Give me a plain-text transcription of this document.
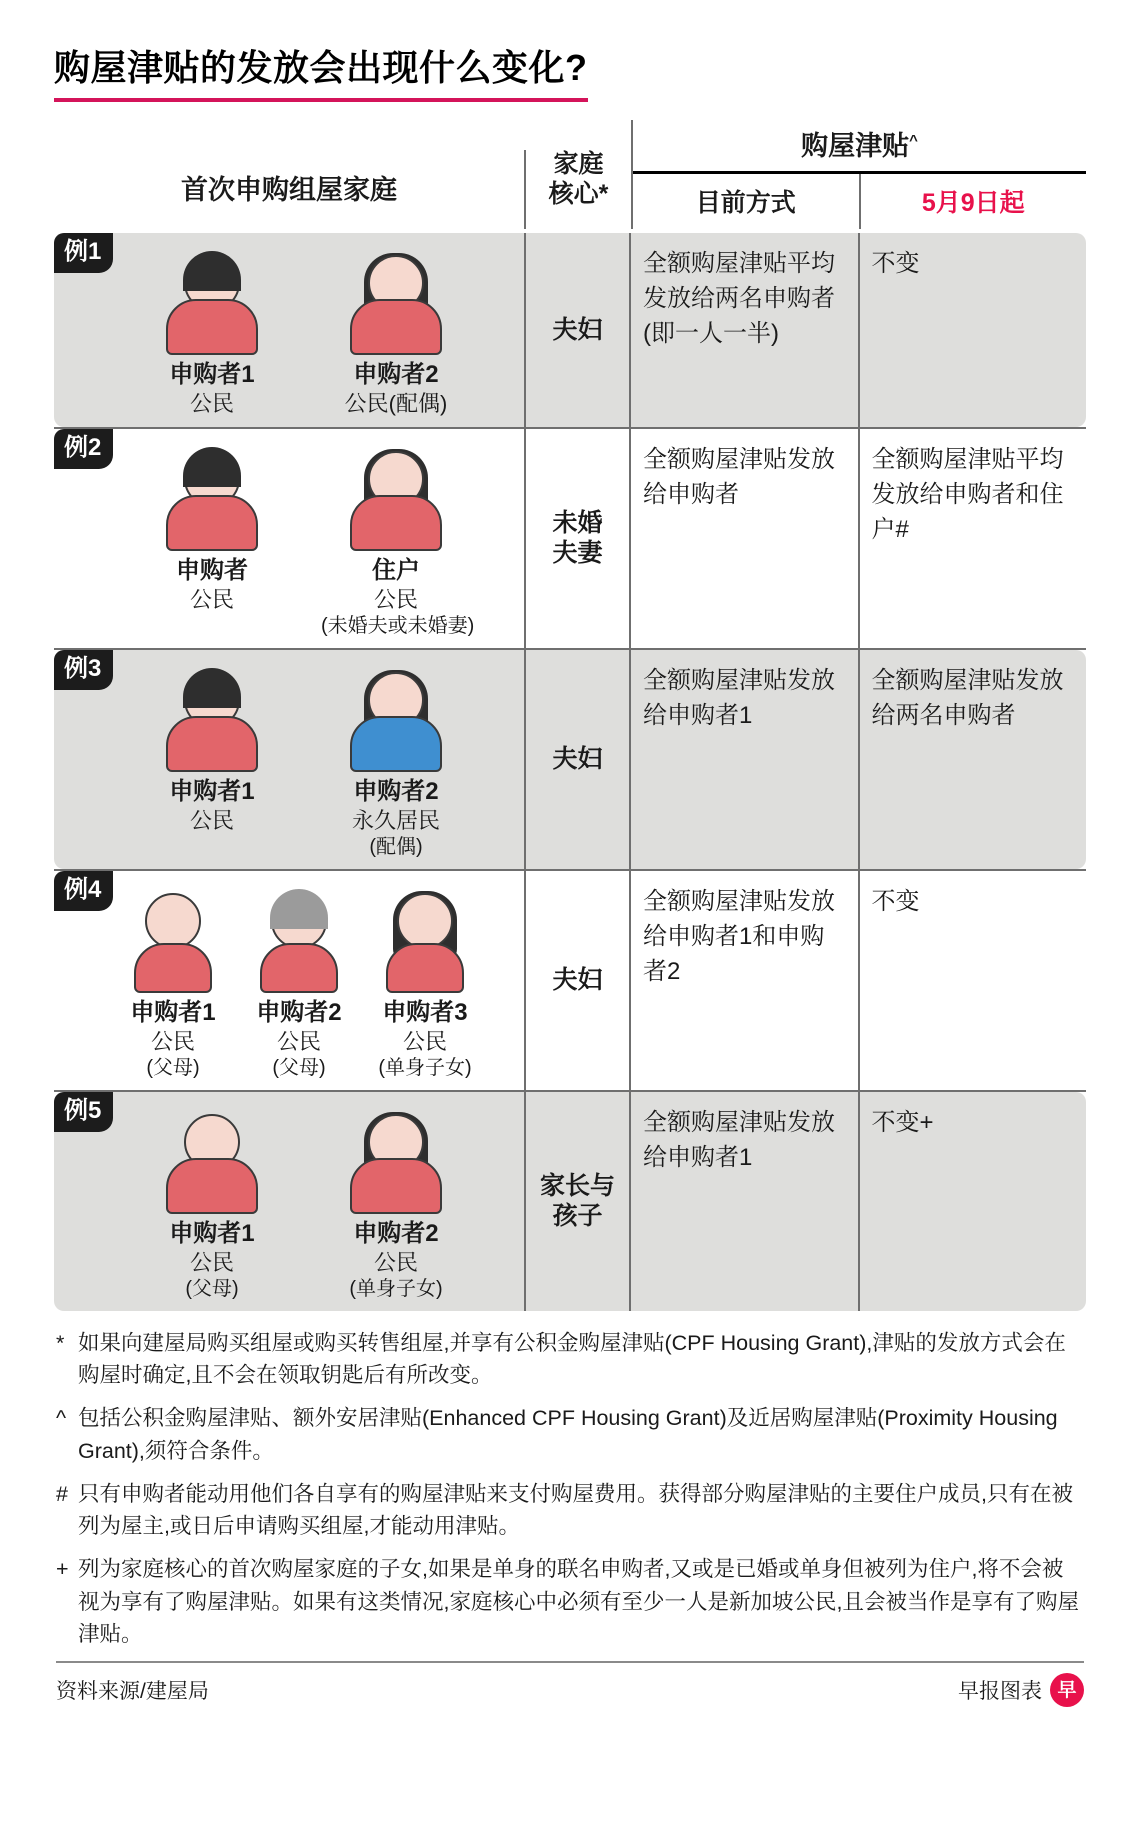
购屋津贴的发放会出现什么变化?
首次申购组屋家庭
家庭
核心*
购屋津贴^
目前方式	5月9日起
例1
申购者1
公民
申购者2
公民(配偶)
夫妇
全额购屋津贴平均发放给两名申购者(即一人一半)
不变
例2
申购者
公民
住户
公民
(未婚夫或未婚妻)
未婚
夫妻
全额购屋津贴发放给申购者
全额购屋津贴平均发放给申购者和住户#
例3
申购者1
公民
申购者2
永久居民
(配偶)
夫妇
全额购屋津贴发放给申购者1
全额购屋津贴发放给两名申购者
例4
申购者1
公民
(父母)
申购者2
公民
(父母)
申购者3
公民
(单身子女)
夫妇
全额购屋津贴发放给申购者1和申购者2
不变
例5
申购者1
公民
(父母)
申购者2
公民
(单身子女)
家长与
孩子
全额购屋津贴发放给申购者1
不变+
* 如果向建屋局购买组屋或购买转售组屋,并享有公积金购屋津贴(CPF Housing Grant),津贴的发放方式会在购屋时确定,且不会在领取钥匙后有所改变。
^ 包括公积金购屋津贴、额外安居津贴(Enhanced CPF Housing Grant)及近居购屋津贴(Proximity Housing Grant),须符合条件。
# 只有申购者能动用他们各自享有的购屋津贴来支付购屋费用。获得部分购屋津贴的主要住户成员,只有在被列为屋主,或日后申请购买组屋,才能动用津贴。
+ 列为家庭核心的首次购屋家庭的子女,如果是单身的联名申购者,又或是已婚或单身但被列为住户,将不会被视为享有了购屋津贴。如果有这类情况,家庭核心中必须有至少一人是新加坡公民,且会被当作是享有了购屋津贴。
资料来源/建屋局	早报图表 早
